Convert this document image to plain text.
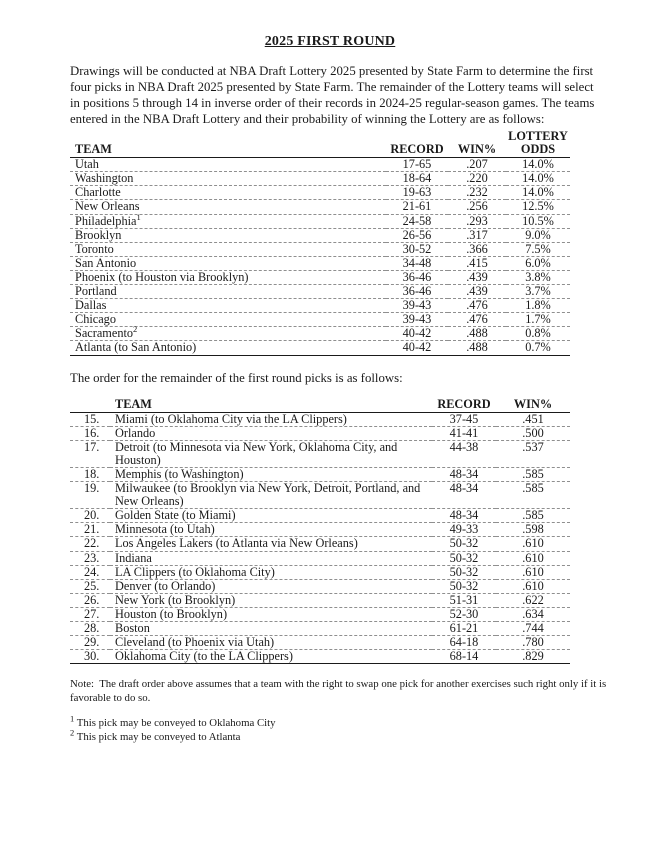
2025 FIRST ROUND

Drawings will be conducted at NBA Draft Lottery 2025 presented by State Farm to determine the first four picks in NBA Draft 2025 presented by State Farm. The remainder of the Lottery teams will select in positions 5 through 14 in inverse order of their records in 2024-25 regular-season games. The teams entered in the NBA Draft Lottery and their probability of winning the Lottery are as follows:

			LOTTERY
TEAM	RECORD	WIN%	ODDS
Utah	17-65	.207	14.0%
Washington	18-64	.220	14.0%
Charlotte	19-63	.232	14.0%
New Orleans	21-61	.256	12.5%
Philadelphia$^1$	24-58	.293	10.5%
Brooklyn	26-56	.317	9.0%
Toronto	30-52	.366	7.5%
San Antonio	34-48	.415	6.0%
Phoenix (to Houston via Brooklyn)	36-46	.439	3.8%
Portland	36-46	.439	3.7%
Dallas	39-43	.476	1.8%
Chicago	39-43	.476	1.7%
Sacramento$^2$	40-42	.488	0.8%
Atlanta (to San Antonio)	40-42	.488	0.7%

The order for the remainder of the first round picks is as follows:

	TEAM	RECORD	WIN%
15.	Miami (to Oklahoma City via the LA Clippers)	37-45	.451
16.	Orlando	41-41	.500
17.	Detroit (to Minnesota via New York, Oklahoma City, and Houston)	44-38	.537
18.	Memphis (to Washington)	48-34	.585
19.	Milwaukee (to Brooklyn via New York, Detroit, Portland, and New Orleans)	48-34	.585
20.	Golden State (to Miami)	48-34	.585
21.	Minnesota (to Utah)	49-33	.598
22.	Los Angeles Lakers (to Atlanta via New Orleans)	50-32	.610
23.	Indiana	50-32	.610
24.	LA Clippers (to Oklahoma City)	50-32	.610
25.	Denver (to Orlando)	50-32	.610
26.	New York (to Brooklyn)	51-31	.622
27.	Houston (to Brooklyn)	52-30	.634
28.	Boston	61-21	.744
29.	Cleveland (to Phoenix via Utah)	64-18	.780
30.	Oklahoma City (to the LA Clippers)	68-14	.829

Note:  The draft order above assumes that a team with the right to swap one pick for another exercises such right only if it is favorable to do so.

$^1$ This pick may be conveyed to Oklahoma City
$^2$ This pick may be conveyed to Atlanta
